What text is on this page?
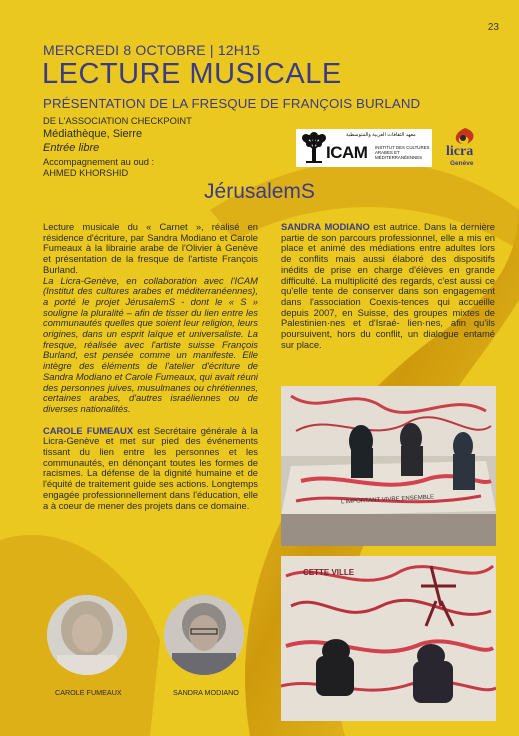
23
MERCREDI 8 OCTOBRE | 12H15
LECTURE MUSICALE
PRÉSENTATION DE LA FRESQUE DE FRANÇOIS BURLAND
DE L'ASSOCIATION CHECKPOINT
Médiathèque, Sierre
Entrée libre
Accompagnement au oud :
AHMED KHORSHID
معهد الثقافات العربية والمتوسطية
ICAM INSTITUT DES CULTURES ARABES ET MÉDITERRANÉENNES	licra
Genève
JérusalemS

Lecture musicale du « Carnet », réalisé en résidence d'écriture, par Sandra Modiano et Carole Fumeaux à la librairie arabe de l'Olivier à Genève et présentation de la fresque de l'artiste François Burland.

La Licra-Genève, en collaboration avec l'ICAM (Institut des cultures arabes et méditerranéennes), a porté le projet JérusalemS - dont le « S » souligne la pluralité – afin de tisser du lien entre les communautés quelles que soient leur religion, leurs origines, dans un esprit laïque et universaliste. La fresque, réalisée avec l'artiste suisse François Burland, est pensée comme un manifeste. Elle intègre des éléments de l'atelier d'écriture de Sandra Modiano et Carole Fumeaux, qui avait réuni des personnes juives, musulmanes ou chrétiennes, certaines arabes, d'autres israéliennes ou de diverses nationalités.

CAROLE FUMEAUX est Secrétaire générale à la Licra-Genève et met sur pied des événements tissant du lien entre les personnes et les communautés, en dénonçant toutes les formes de racismes. La défense de la dignité humaine et de l'équité de traitement guide ses actions. Longtemps engagée professionnellement dans l'éducation, elle a à coeur de mener des projets dans ce domaine.

SANDRA MODIANO est autrice. Dans la dernière partie de son parcours professionnel, elle a mis en place et animé des médiations entre adultes lors de conflits mais aussi élaboré des dispositifs inédits de prise en charge d'élèves en grande difficulté. La multiplicité des regards, c'est aussi ce qu'elle tente de conserver dans son engagement dans l'association Coexis-tences qui accueille depuis 2007, en Suisse, des groupes mixtes de Palestinien·nes et d'Israé- lien·nes, afin qu'ils poursuivent, hors du conflit, un dialogue entamé sur place.

L'IMPORTANT VIVRE ENSEMBLE
CETTE VILLE
CAROLE FUMEAUX	SANDRA MODIANO
